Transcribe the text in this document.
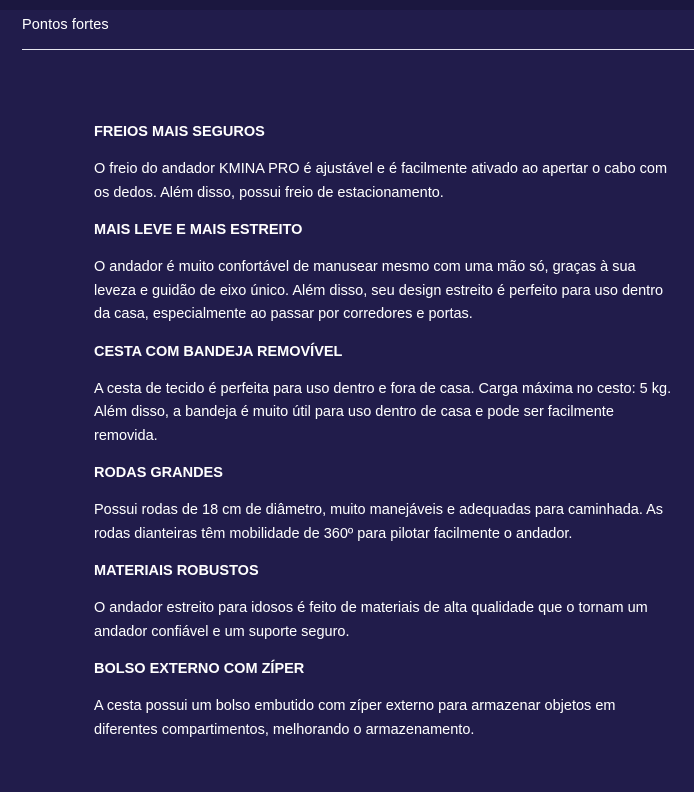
Pontos fortes

FREIOS MAIS SEGUROS

O freio do andador KMINA PRO é ajustável e é facilmente ativado ao apertar o cabo com os dedos. Além disso, possui freio de estacionamento.

MAIS LEVE E MAIS ESTREITO

O andador é muito confortável de manusear mesmo com uma mão só, graças à sua leveza e guidão de eixo único. Além disso, seu design estreito é perfeito para uso dentro da casa, especialmente ao passar por corredores e portas.

CESTA COM BANDEJA REMOVÍVEL

A cesta de tecido é perfeita para uso dentro e fora de casa. Carga máxima no cesto: 5 kg. Além disso, a bandeja é muito útil para uso dentro de casa e pode ser facilmente removida.

RODAS GRANDES

Possui rodas de 18 cm de diâmetro, muito manejáveis e adequadas para caminhada. As rodas dianteiras têm mobilidade de 360º para pilotar facilmente o andador.

MATERIAIS ROBUSTOS

O andador estreito para idosos é feito de materiais de alta qualidade que o tornam um andador confiável e um suporte seguro.

BOLSO EXTERNO COM ZÍPER

A cesta possui um bolso embutido com zíper externo para armazenar objetos em diferentes compartimentos, melhorando o armazenamento.
